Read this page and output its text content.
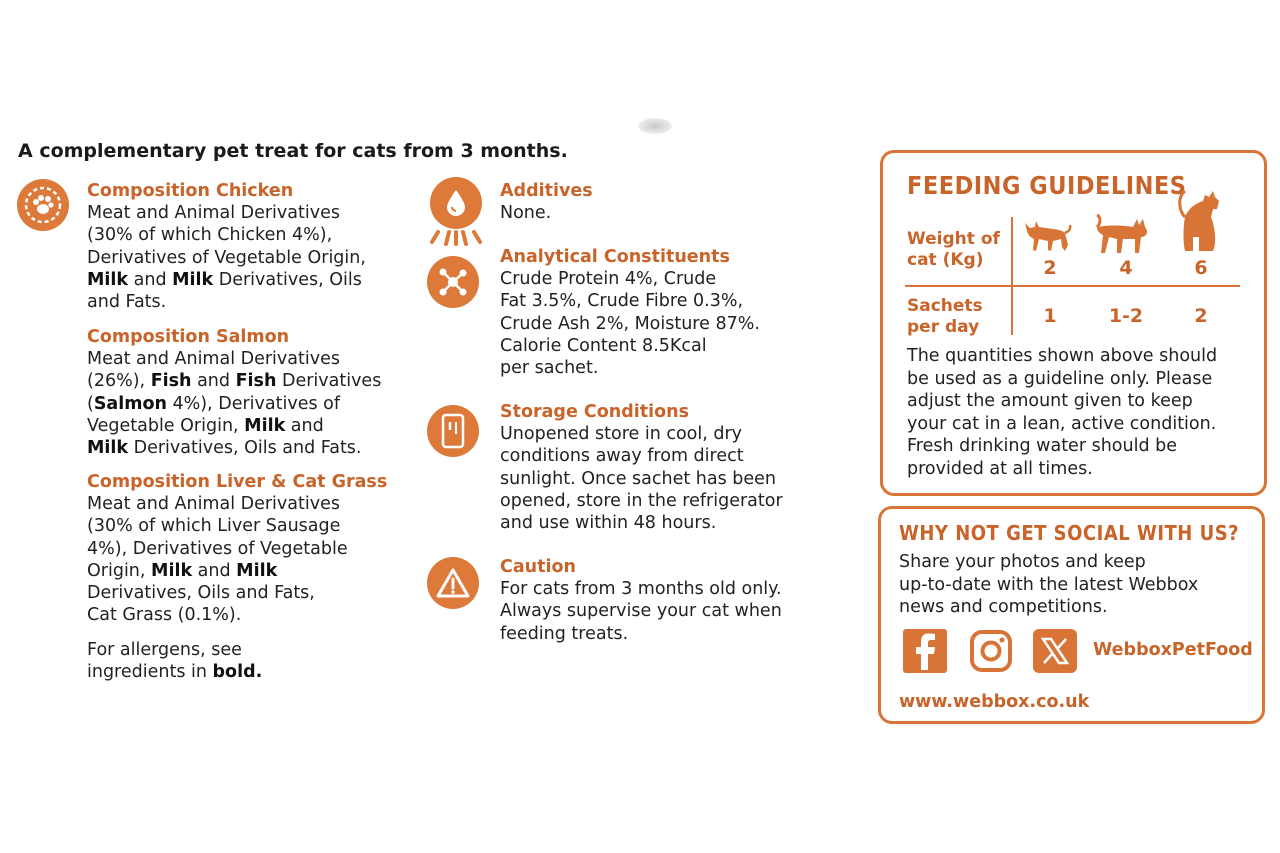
A complementary pet treat for cats from 3 months.
Composition Chicken
Meat and Animal Derivatives
(30% of which Chicken 4%),
Derivatives of Vegetable Origin,
Milk and Milk Derivatives, Oils
and Fats.
Composition Salmon
Meat and Animal Derivatives
(26%), Fish and Fish Derivatives
(Salmon 4%), Derivatives of
Vegetable Origin, Milk and
Milk Derivatives, Oils and Fats.
Composition Liver & Cat Grass
Meat and Animal Derivatives
(30% of which Liver Sausage
4%), Derivatives of Vegetable
Origin, Milk and Milk
Derivatives, Oils and Fats,
Cat Grass (0.1%).
For allergens, see
ingredients in bold.
Additives
None.
Analytical Constituents
Crude Protein 4%, Crude
Fat 3.5%, Crude Fibre 0.3%,
Crude Ash 2%, Moisture 87%.
Calorie Content 8.5Kcal
per sachet.
Storage Conditions
Unopened store in cool, dry
conditions away from direct
sunlight. Once sachet has been
opened, store in the refrigerator
and use within 48 hours.
Caution
For cats from 3 months old only.
Always supervise your cat when
feeding treats.
FEEDING GUIDELINES
Weight of
cat (Kg)	2	4	6
Sachets
per day	1	1-2	2
The quantities shown above should
be used as a guideline only. Please
adjust the amount given to keep
your cat in a lean, active condition.
Fresh drinking water should be
provided at all times.
WHY NOT GET SOCIAL WITH US?
Share your photos and keep
up-to-date with the latest Webbox
news and competitions.
WebboxPetFood
www.webbox.co.uk
